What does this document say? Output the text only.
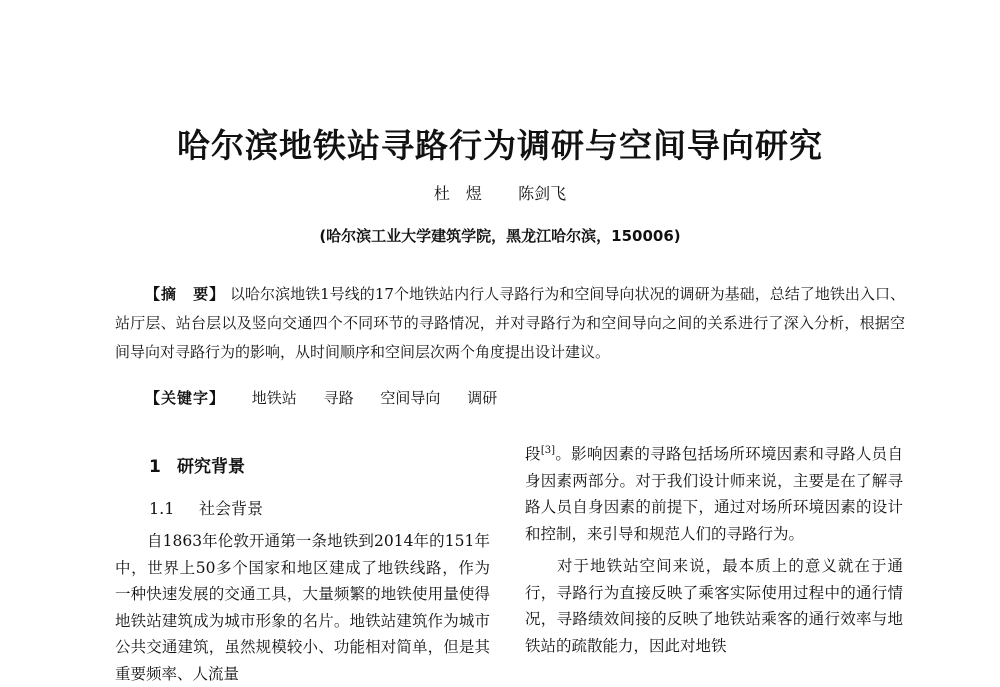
哈尔滨地铁站寻路行为调研与空间导向研究
杜　煜 陈剑飞
(哈尔滨工业大学建筑学院，黑龙江哈尔滨，150006)
【摘　要】 以哈尔滨地铁1号线的17个地铁站内行人寻路行为和空间导向状况的调研为基础，总结了地铁出入口、站厅层、站台层以及竖向交通四个不同环节的寻路情况，并对寻路行为和空间导向之间的关系进行了深入分析，根据空间导向对寻路行为的影响，从时间顺序和空间层次两个角度提出设计建议。
【关键字】 地铁站 寻路 空间导向 调研
1 研究背景
1.1 社会背景

自1863年伦敦开通第一条地铁到2014年的151年中，世界上50多个国家和地区建成了地铁线路，作为一种快速发展的交通工具，大量频繁的地铁使用量使得地铁站建筑成为城市形象的名片。地铁站建筑作为城市公共交通建筑，虽然规模较小、功能相对简单，但是其重要频率、人流量

段[3]。影响因素的寻路包括场所环境因素和寻路人员自身因素两部分。对于我们设计师来说，主要是在了解寻路人员自身因素的前提下，通过对场所环境因素的设计和控制，来引导和规范人们的寻路行为。

对于地铁站空间来说，最本质上的意义就在于通行，寻路行为直接反映了乘客实际使用过程中的通行情况，寻路绩效间接的反映了地铁站乘客的通行效率与地铁站的疏散能力，因此对地铁
